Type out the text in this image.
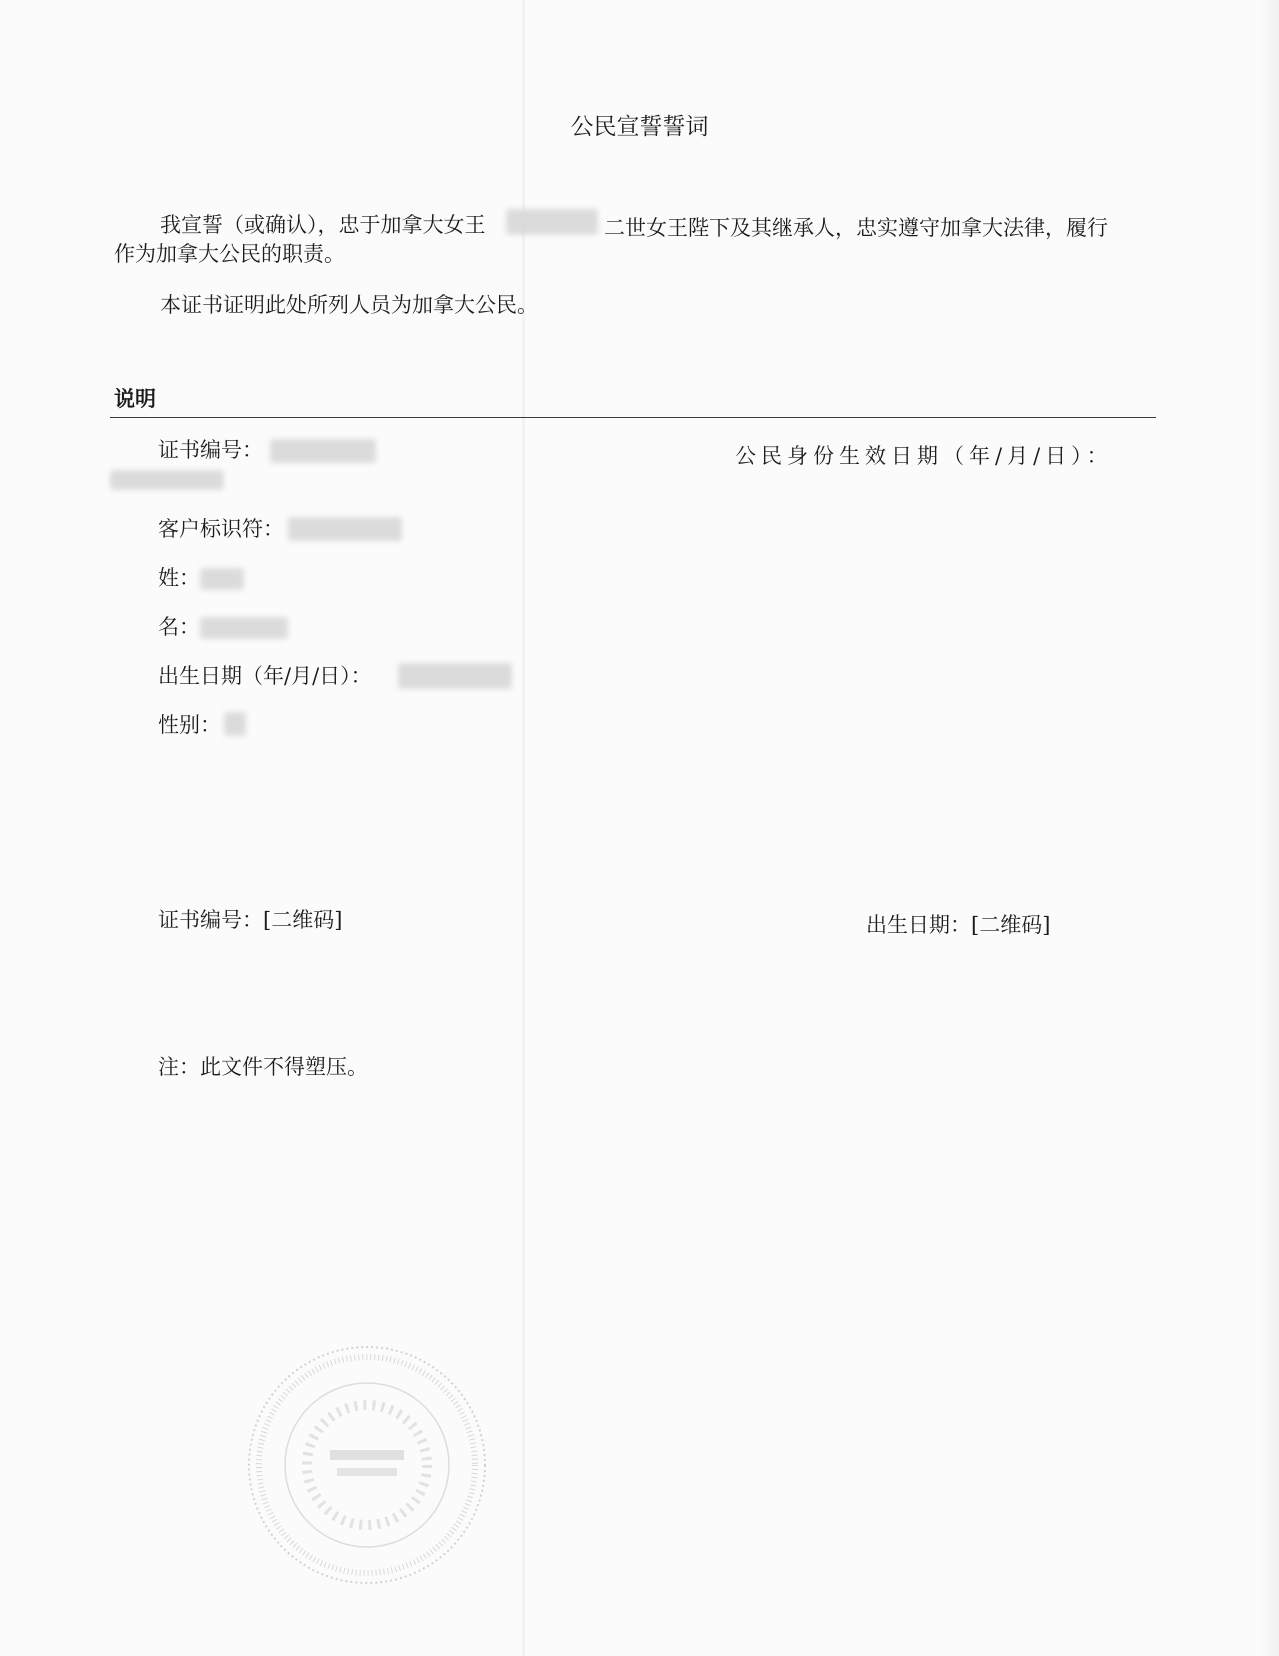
公民宣誓誓词
我宣誓（或确认），忠于加拿大女王	二世女王陛下及其继承人，忠实遵守加拿大法律，履行
作为加拿大公民的职责。
本证书证明此处所列人员为加拿大公民。
说明
证书编号：	公民身份生效日期（年/月/日）：
客户标识符：
姓：
名：
出生日期（年/月/日）：
性别：
证书编号：[二维码]	出生日期：[二维码]
注：此文件不得塑压。
